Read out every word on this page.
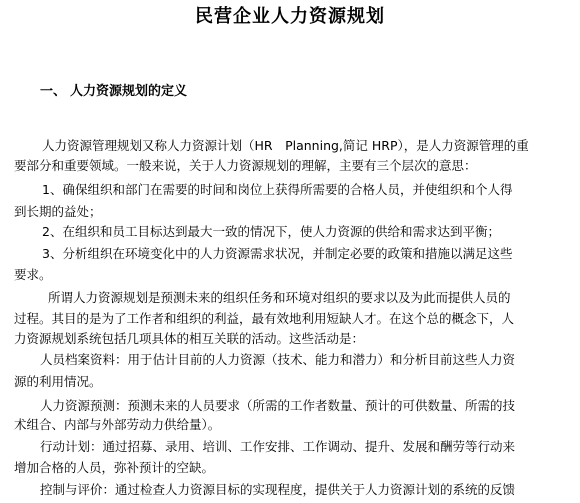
民营企业人力资源规划
一、 人力资源规划的定义
人力资源管理规划又称人力资源计划（HR　Planning,简记 HRP），是人力资源管理的重
要部分和重要领域。一般来说，关于人力资源规划的理解，主要有三个层次的意思：
1、确保组织和部门在需要的时间和岗位上获得所需要的合格人员，并使组织和个人得
到长期的益处；
2、在组织和员工目标达到最大一致的情况下，使人力资源的供给和需求达到平衡；
3、分析组织在环境变化中的人力资源需求状况，并制定必要的政策和措施以满足这些
要求。
所谓人力资源规划是预测未来的组织任务和环境对组织的要求以及为此而提供人员的
过程。其目的是为了工作者和组织的利益，最有效地利用短缺人才。在这个总的概念下，人
力资源规划系统包括几项具体的相互关联的活动。这些活动是：
人员档案资料：用于估计目前的人力资源（技术、能力和潜力）和分析目前这些人力资
源的利用情况。
人力资源预测：预测未来的人员要求（所需的工作者数量、预计的可供数量、所需的技
术组合、内部与外部劳动力供给量）。
行动计划：通过招募、录用、培训、工作安排、工作调动、提升、发展和酬劳等行动来
增加合格的人员，弥补预计的空缺。
控制与评价：通过检查人力资源目标的实现程度，提供关于人力资源计划的系统的反馈
